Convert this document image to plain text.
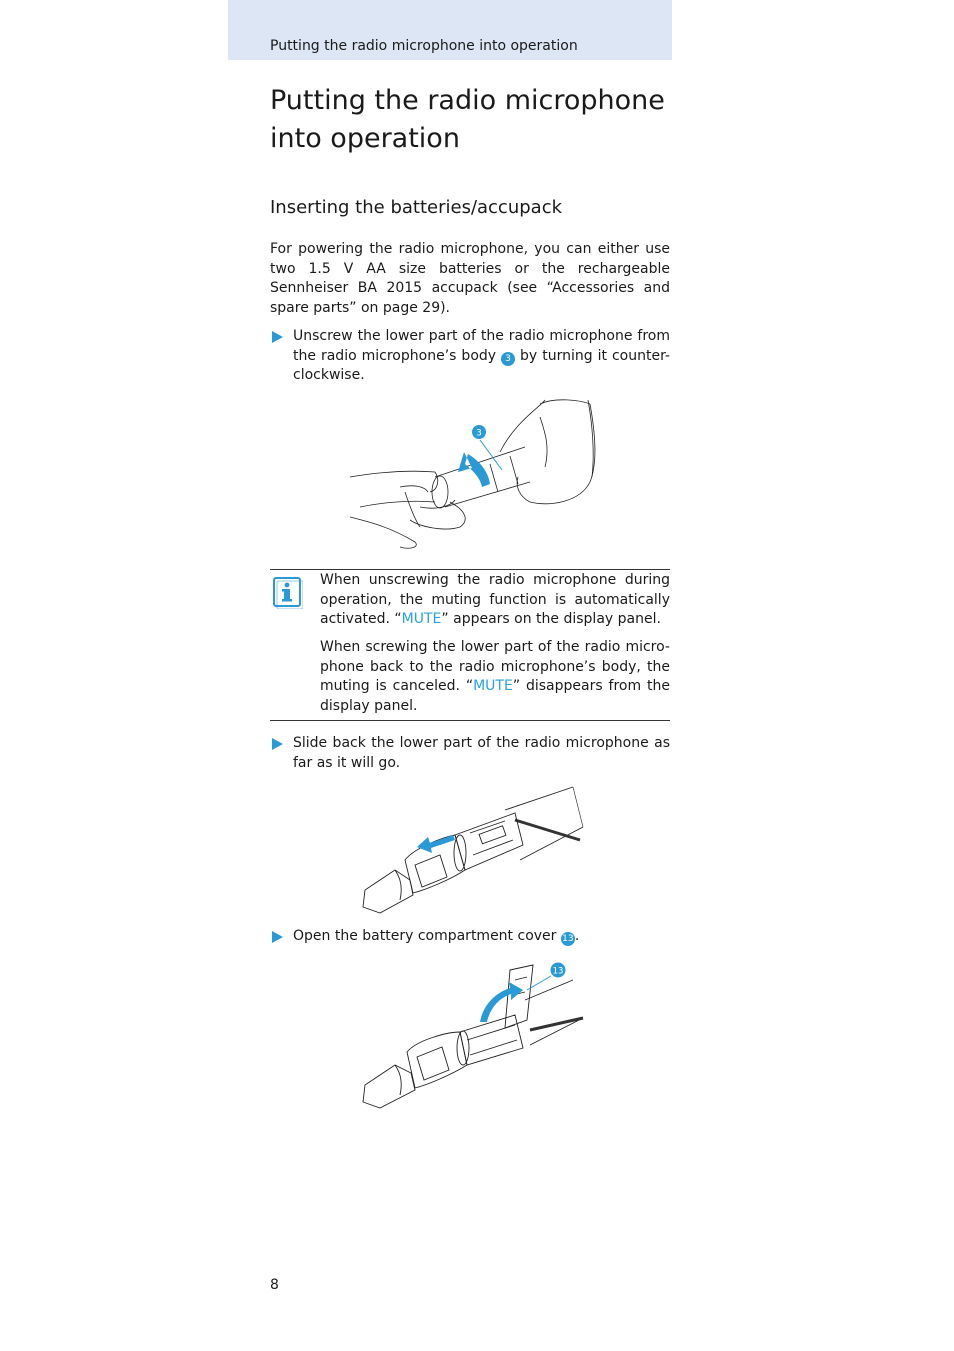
Putting the radio microphone into operation
Putting the radio microphone into operation
Inserting the batteries/accupack

For powering the radio microphone, you can either use two 1.5 V AA size batteries or the rechargeable Sennheiser BA 2015 accupack (see “Accessories and spare parts” on page 29).

Unscrew the lower part of the radio microphone from the radio microphone’s body 3 by turning it counter-clockwise.
3

When unscrewing the radio microphone during operation, the muting function is automatically activated. “MUTE” appears on the display panel.

When screwing the lower part of the radio micro-phone back to the radio microphone’s body, the muting is canceled. “MUTE” disappears from the display panel.

Slide back the lower part of the radio microphone as far as it will go.
Open the battery compartment cover 13.
13
8
